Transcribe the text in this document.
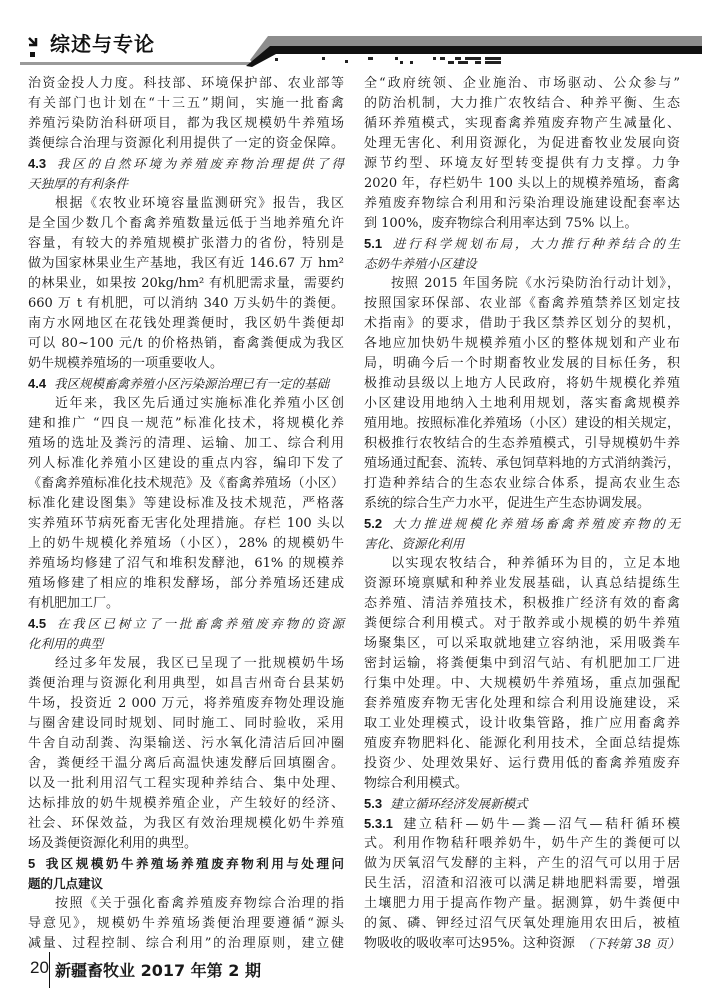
综述与专论
治资金投人力度。科技部、环境保护部、农业部等
有关部门也计划在“十三五”期间，实施一批畜禽
养殖污染防治科研项目，都为我区规模奶牛养殖场
粪便综合治理与资源化利用提供了一定的资金保障。
4.3 我区的自然环境为养殖废弃物治理提供了得
天独厚的有利条件
根据《农牧业环境容量监测研究》报告，我区
是全国少数几个畜禽养殖数量远低于当地养殖允许
容量，有较大的养殖规模扩张潜力的省份，特别是
做为国家林果业生产基地，我区有近 146.67 万 hm²
的林果业，如果按 20kg/hm² 有机肥需求量，需要约
660 万 t 有机肥，可以消纳 340 万头奶牛的粪便。
南方水网地区在花钱处理粪便时，我区奶牛粪便却
可以 80~100 元/t 的价格热销，畜禽粪便成为我区
奶牛规模养殖场的一项重要收人。
4.4 我区规模畜禽养殖小区污染源治理已有一定的基础
近年来，我区先后通过实施标准化养殖小区创
建和推广 “四良一规范”标准化技术，将规模化养
殖场的选址及粪污的清理、运输、加工、综合利用
列人标准化养殖小区建设的重点内容，编印下发了
《畜禽养殖标准化技术规范》及《畜禽养殖场（小区）
标准化建设图集》等建设标准及技术规范，严格落
实养殖环节病死畜无害化处理措施。存栏 100 头以
上的奶牛规模化养殖场（小区），28% 的规模奶牛
养殖场均修建了沼气和堆积发酵池，61% 的规模养
殖场修建了相应的堆积发酵场，部分养殖场还建成
有机肥加工厂。
4.5 在我区已树立了一批畜禽养殖废弃物的资源
化利用的典型
经过多年发展，我区已呈现了一批规模奶牛场
粪便治理与资源化利用典型，如昌吉州奇台县某奶
牛场，投资近 2 000 万元，将养殖废弃物处理设施
与圈舍建设同时规划、同时施工、同时验收，采用
牛舍自动刮粪、沟渠输送、污水氧化清洁后回冲圈
舍，粪便经干温分离后高温快速发酵后回填圈舍。
以及一批利用沼气工程实现种养结合、集中处理、
达标排放的奶牛规模养殖企业，产生较好的经济、
社会、环保效益，为我区有效治理规模化奶牛养殖
场及粪便资源化利用的典型。
5 我区规模奶牛养殖场养殖废弃物利用与处理问
题的几点建议
按照《关于强化畜禽养殖废弃物综合治理的指
导意见》，规模奶牛养殖场粪便治理要遵循“源头
减量、过程控制、综合利用”的治理原则，建立健
全“政府统领、企业施治、市场驱动、公众参与”
的防治机制，大力推广农牧结合、种养平衡、生态
循环养殖模式，实现畜禽养殖废弃物产生减量化、
处理无害化、利用资源化，为促进畜牧业发展向资
源节约型、环境友好型转变提供有力支撑。力争
2020 年，存栏奶牛 100 头以上的规模养殖场，畜禽
养殖废弃物综合利用和污染治理设施建设配套率达
到 100%，废弃物综合利用率达到 75% 以上。
5.1 进行科学规划布局，大力推行种养结合的生
态奶牛养殖小区建设
按照 2015 年国务院《水污染防治行动计划》，
按照国家环保部、农业部《畜禽养殖禁养区划定技
术指南》的要求，借助于我区禁养区划分的契机，
各地应加快奶牛规模养殖小区的整体规划和产业布
局，明确今后一个时期畜牧业发展的目标任务，积
极推动县级以上地方人民政府，将奶牛规模化养殖
小区建设用地纳入土地利用规划，落实畜禽规模养
殖用地。按照标准化养殖场（小区）建设的相关规定，
积极推行农牧结合的生态养殖模式，引导规模奶牛养
殖场通过配套、流转、承包饲草料地的方式消纳粪污，
打造种养结合的生态农业综合体系，提高农业生态
系统的综合生产力水平，促进生产生态协调发展。
5.2 大力推进规模化养殖场畜禽养殖废弃物的无
害化、资源化利用
以实现农牧结合，种养循环为目的，立足本地
资源环境禀赋和种养业发展基础，认真总结提练生
态养殖、清洁养殖技术，积极推广经济有效的畜禽
粪便综合利用模式。对于散养或小规模的奶牛养殖
场聚集区，可以采取就地建立容纳池，采用吸粪车
密封运输，将粪便集中到沼气站、有机肥加工厂进
行集中处理。中、大规模奶牛养殖场，重点加强配
套养殖废弃物无害化处理和综合利用设施建设，采
取工业处理模式，设计收集管路，推广应用畜禽养
殖废弃物肥料化、能源化利用技术，全面总结提炼
投资少、处理效果好、运行费用低的畜禽养殖废弃
物综合利用模式。
5.3 建立循环经济发展新模式
5.3.1 建立秸秆—奶牛—粪—沼气—秸秆循环模
式。利用作物秸秆喂养奶牛，奶牛产生的粪便可以
做为厌氧沼气发酵的主料，产生的沼气可以用于居
民生活，沼渣和沼液可以满足耕地肥料需要，增强
土壤肥力用于提高作物产量。据测算，奶牛粪便中
的氮、磷、钾经过沼气厌氧处理施用农田后，被植
物吸收的吸收率可达95%。这种资源 （下转第 38 页）
20 新疆畜牧业 2017 年第 2 期
